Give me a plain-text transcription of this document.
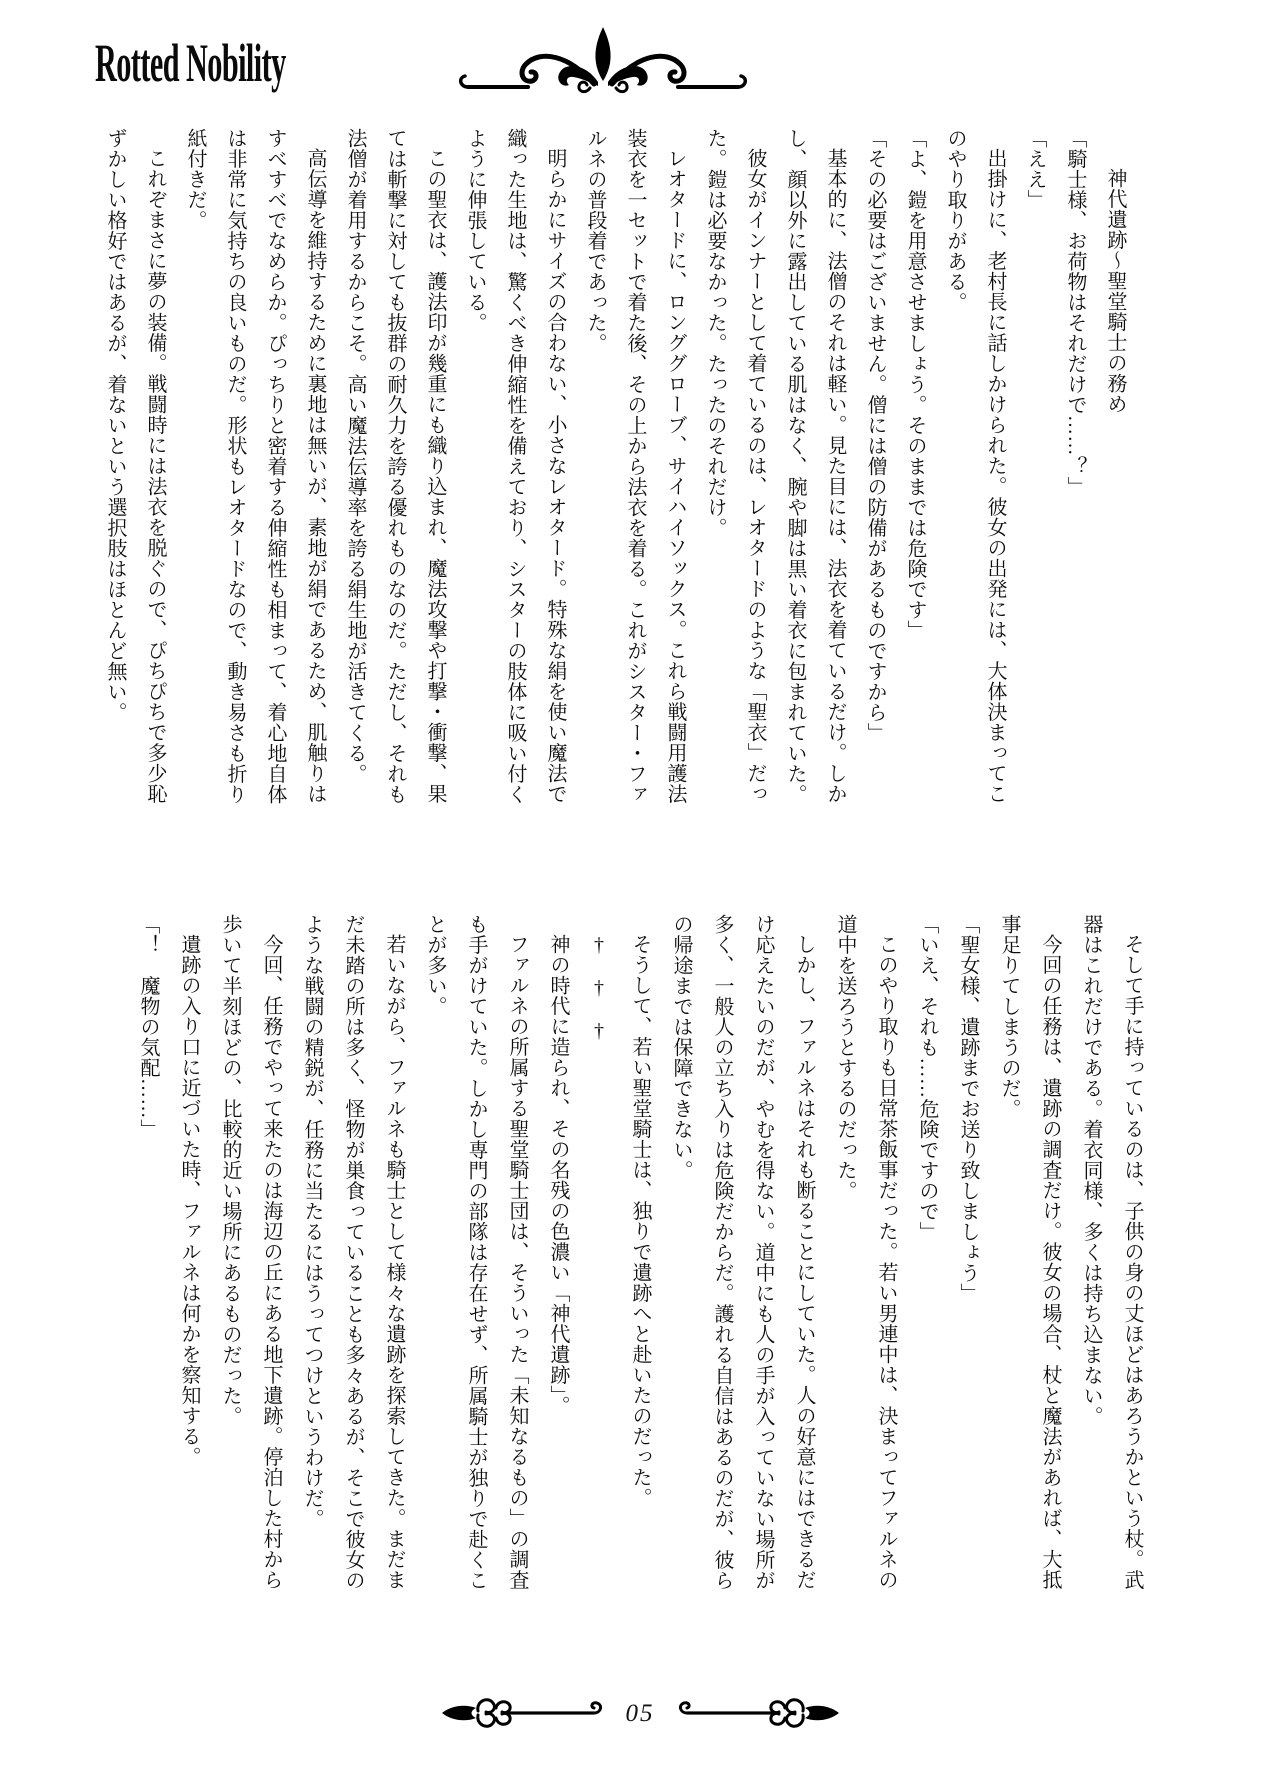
Rotted Nobility
神代遺跡～聖堂騎士の務め
「騎士様、お荷物はそれだけで……？」
「ええ」
出掛けに、老村長に話しかけられた。彼女の出発には、大体決まってこ
のやり取りがある。
「よ、鎧を用意させましょう。そのままでは危険です」
「その必要はございません。僧には僧の防備があるものですから」
基本的に、法僧のそれは軽い。見た目には、法衣を着ているだけ。しか
し、顔以外に露出している肌はなく、腕や脚は黒い着衣に包まれていた。
彼女がインナーとして着ているのは、レオタードのような「聖衣」だっ
た。鎧は必要なかった。たったのそれだけ。
レオタードに、ロンググローブ、サイハイソックス。これら戦闘用護法
装衣を一セットで着た後、その上から法衣を着る。これがシスター・ファ
ルネの普段着であった。
明らかにサイズの合わない、小さなレオタード。特殊な絹を使い魔法で
織った生地は、驚くべき伸縮性を備えており、シスターの肢体に吸い付く
ように伸張している。
この聖衣は、護法印が幾重にも織り込まれ、魔法攻撃や打撃・衝撃、果
ては斬撃に対しても抜群の耐久力を誇る優れものなのだ。ただし、それも
法僧が着用するからこそ。高い魔法伝導率を誇る絹生地が活きてくる。
高伝導を維持するために裏地は無いが、素地が絹であるため、肌触りは
すべすべでなめらか。ぴっちりと密着する伸縮性も相まって、着心地自体
は非常に気持ちの良いものだ。形状もレオタードなので、動き易さも折り
紙付きだ。
これぞまさに夢の装備。戦闘時には法衣を脱ぐので、ぴちぴちで多少恥
ずかしい格好ではあるが、着ないという選択肢はほとんど無い。
そして手に持っているのは、子供の身の丈ほどはあろうかという杖。武
器はこれだけである。着衣同様、多くは持ち込まない。
今回の任務は、遺跡の調査だけ。彼女の場合、杖と魔法があれば、大抵
事足りてしまうのだ。
「聖女様、遺跡までお送り致しましょう」
「いえ、それも……危険ですので」
このやり取りも日常茶飯事だった。若い男連中は、決まってファルネの
道中を送ろうとするのだった。
しかし、ファルネはそれも断ることにしていた。人の好意にはできるだ
け応えたいのだが、やむを得ない。道中にも人の手が入っていない場所が
多く、一般人の立ち入りは危険だからだ。護れる自信はあるのだが、彼ら
の帰途までは保障できない。
そうして、若い聖堂騎士は、独りで遺跡へと赴いたのだった。
†　†　†
神の時代に造られ、その名残の色濃い「神代遺跡」。
ファルネの所属する聖堂騎士団は、そういった「未知なるもの」の調査
も手がけていた。しかし専門の部隊は存在せず、所属騎士が独りで赴くこ
とが多い。
若いながら、ファルネも騎士として様々な遺跡を探索してきた。まだま
だ未踏の所は多く、怪物が巣食っていることも多々あるが、そこで彼女の
ような戦闘の精鋭が、任務に当たるにはうってつけというわけだ。
今回、任務でやって来たのは海辺の丘にある地下遺跡。停泊した村から
歩いて半刻ほどの、比較的近い場所にあるものだった。
遺跡の入り口に近づいた時、ファルネは何かを察知する。
「！　魔物の気配……」
05
